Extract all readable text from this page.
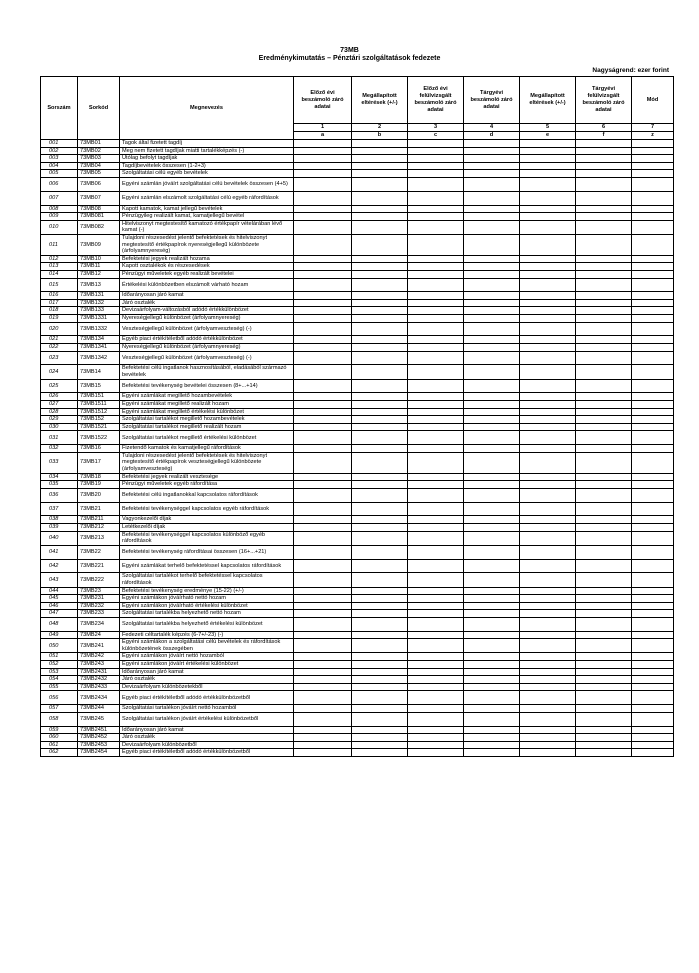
73MB
Eredménykimutatás – Pénztári szolgáltatások fedezete
Nagyságrend: ezer forint
Sorszám	Sorkód	Megnevezés	Előző évi beszámoló záró adatai	Megállapított eltérések (+/-)	Előző évi felülvizsgált beszámoló záró adatai	Tárgyévi beszámoló záró adatai	Megállapított eltérések (+/-)	Tárgyévi felülvizsgált beszámoló záró adatai	Mód
			1	2	3	4	5	6	7
			a	b	c	d	e	f	z
001	73MB01	Tagok által fizetett tagdíj							
002	73MB02	Meg nem fizetett tagdíjak miatti tartalékképzés (-)							
003	73MB03	Utólag befolyt tagdíjak							
004	73MB04	Tagdíjbevételek összesen (1-2+3)							
005	73MB05	Szolgáltatási célú egyéb bevételek							
006	73MB06	Egyéni számlán jóváírt szolgáltatási célú bevételek összesen (4+5)							
007	73MB07	Egyéni számlán elszámolt szolgáltatási célú egyéb ráfordítások							
008	73MB08	Kapott kamatok, kamat jellegű bevételek							
009	73MB081	Pénzügyileg realizált kamat, kamatjellegű bevétel							
010	73MB082	Hitelviszonyt megtestesítő kamatozó értékpapír vételárában lévő kamat (-)							
011	73MB09	Tulajdoni részesedést jelentő befektetések és hitelviszonyt megtestesítő értékpapírok nyereségjellegű különbözete (árfolyamnyereség)							
012	73MB10	Befektetési jegyek realizált hozama							
013	73MB11	Kapott osztalékok és részesedések							
014	73MB12	Pénzügyi műveletek egyéb realizált bevételei							
015	73MB13	Értékelési különbözetben elszámolt várható hozam							
016	73MB131	Időarányosan járó kamat							
017	73MB132	Járó osztalék							
018	73MB133	Devizaárfolyam-változásból adódó értékkülönbözet							
019	73MB1331	Nyereségjellegű különbözet (árfolyamnyereség)							
020	73MB1332	Veszteségjellegű különbözet (árfolyamveszteség) (-)							
021	73MB134	Egyéb piaci értékítéletből adódó értékkülönbözet							
022	73MB1341	Nyereségjellegű különbözet (árfolyamnyereség)							
023	73MB1342	Veszteségjellegű különbözet (árfolyamveszteség) (-)							
024	73MB14	Befektetési célú ingatlanok hasznosításából, eladásából származó bevételek							
025	73MB15	Befektetési tevékenység bevételei összesen (8+...+14)							
026	73MB151	Egyéni számlákat megillető hozambevételek							
027	73MB1511	Egyéni számlákat megillető realizált hozam							
028	73MB1512	Egyéni számlákat megillető értékelési különbözet							
029	73MB152	Szolgáltatási tartalékot megillető hozambevételek							
030	73MB1521	Szolgáltatási tartalékot megillető realizált hozam							
031	73MB1522	Szolgáltatási tartalékot megillető értékelési különbözet							
032	73MB16	Fizetendő kamatok és kamatjellegű ráfordítások							
033	73MB17	Tulajdoni részesedést jelentő befektetések és hitelviszonyt megtestesítő értékpapírok veszteségjellegű különbözete (árfolyamveszteség)							
034	73MB18	Befektetési jegyek realizált vesztesége							
035	73MB19	Pénzügyi műveletek egyéb ráfordítása							
036	73MB20	Befektetési célú ingatlanokkal kapcsolatos ráfordítások							
037	73MB21	Befektetési tevékenységgel kapcsolatos egyéb ráfordítások							
038	73MB211	Vagyonkezelői díjak							
039	73MB212	Letétkezelői díjak							
040	73MB213	Befektetési tevékenységgel kapcsolatos különböző egyéb ráfordítások							
041	73MB22	Befektetési tevékenység ráfordításai összesen (16+...+21)							
042	73MB221	Egyéni számlákat terhelő befektetéssel kapcsolatos ráfordítások							
043	73MB222	Szolgáltatási tartalékot terhelő befektetéssel kapcsolatos ráfordítások							
044	73MB23	Befektetési tevékenység eredménye (15-22) (+/-)							
045	73MB231	Egyéni számlákon jóváírható nettó hozam							
046	73MB232	Egyéni számlákon jóváírható értékelési különbözet							
047	73MB233	Szolgáltatási tartalékba helyezhető nettó hozam							
048	73MB234	Szolgáltatási tartalékba helyezhető értékelési különbözet							
049	73MB24	Fedezeti céltartalék képzés (6-7+/-23) (-)							
050	73MB241	Egyéni számlákon a szolgáltatási célú bevételek és ráfordítások különbözetének összegében							
051	73MB242	Egyéni számlákon jóváírt nettó hozamból							
052	73MB243	Egyéni számlákon jóváírt értékelési különbözet							
053	73MB2431	Időarányosan járó kamat							
054	73MB2432	Járó osztalék							
055	73MB2433	Devizaárfolyam különbözetekből							
056	73MB2434	Egyéb piaci értékítéletből adódó értékkülönbözetből							
057	73MB244	Szolgáltatási tartalékon jóváírt nettó hozamból							
058	73MB245	Szolgáltatási tartalékon jóváírt értékelési különbözetből							
059	73MB2451	Időarányosan járó kamat							
060	73MB2452	Járó osztalék							
061	73MB2453	Devizaárfolyam különbözetből							
062	73MB2454	Egyéb piaci értékítéletből adódó értékkülönbözetből							
